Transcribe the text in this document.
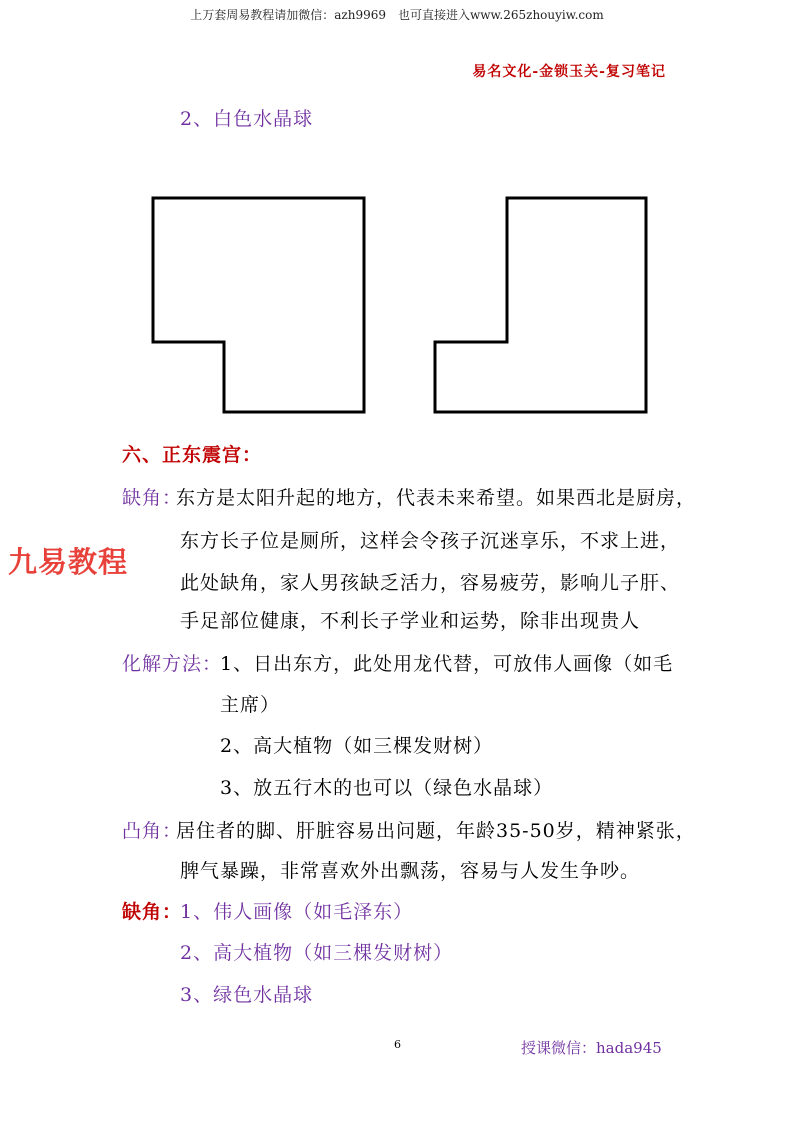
上万套周易教程请加微信：azh9969　也可直接进入www.265zhouyiw.com
易名文化-金锁玉关-复习笔记
2、白色水晶球
六、正东震宫：
缺角：
东方是太阳升起的地方，代表未来希望。如果西北是厨房，
东方长子位是厕所，这样会令孩子沉迷享乐，不求上进，
此处缺角，家人男孩缺乏活力，容易疲劳，影响儿子肝、
手足部位健康，不利长子学业和运势，除非出现贵人
九易教程
化解方法：
1、日出东方，此处用龙代替，可放伟人画像（如毛
主席）
2、高大植物（如三棵发财树）
3、放五行木的也可以（绿色水晶球）
凸角：
居住者的脚、肝脏容易出问题，年龄35-50岁，精神紧张，
脾气暴躁，非常喜欢外出飘荡，容易与人发生争吵。
缺角：
1、伟人画像（如毛泽东）
2、高大植物（如三棵发财树）
3、绿色水晶球
6	授课微信：hada945
